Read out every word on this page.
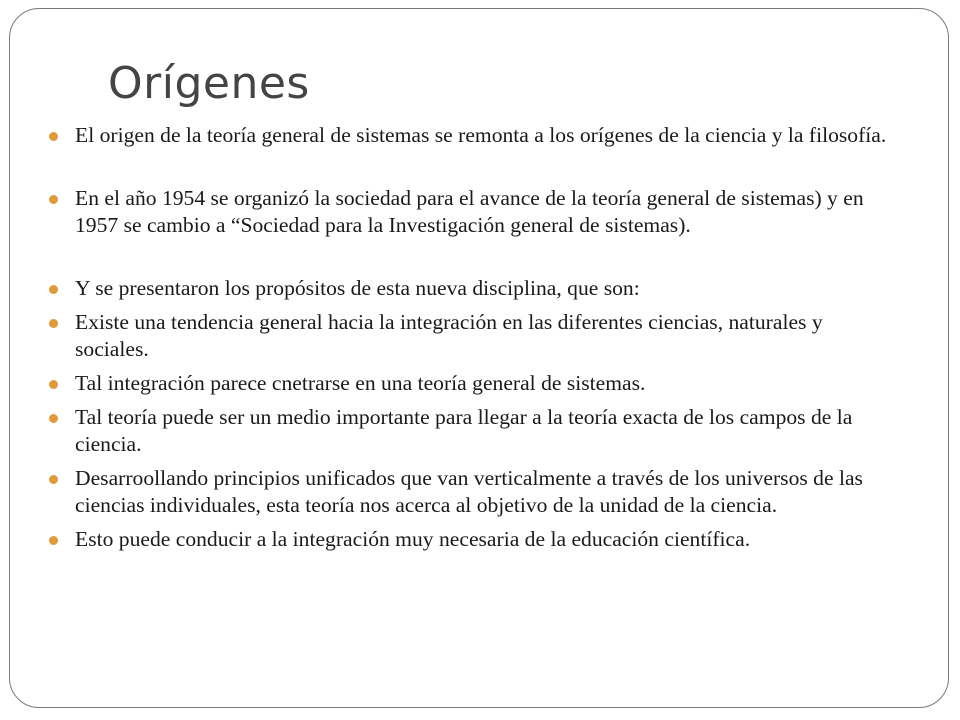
Orígenes
El origen de la teoría general de sistemas se remonta a los orígenes de la ciencia y la filosofía.
En el año 1954 se organizó la sociedad para el avance de la teoría general de sistemas) y en 1957 se cambio a “Sociedad para la Investigación general de sistemas).
Y se presentaron los propósitos de esta nueva disciplina, que son:
Existe una tendencia general hacia la integración en las diferentes ciencias, naturales y sociales.
Tal integración parece cnetrarse en una teoría general de sistemas.
Tal teoría puede ser un medio importante para llegar a la teoría exacta de los campos de la ciencia.
Desarroollando principios unificados que van verticalmente a través de los universos de las ciencias individuales, esta teoría nos acerca al objetivo de la unidad de la ciencia.
Esto puede conducir a la integración muy necesaria de la educación científica.
